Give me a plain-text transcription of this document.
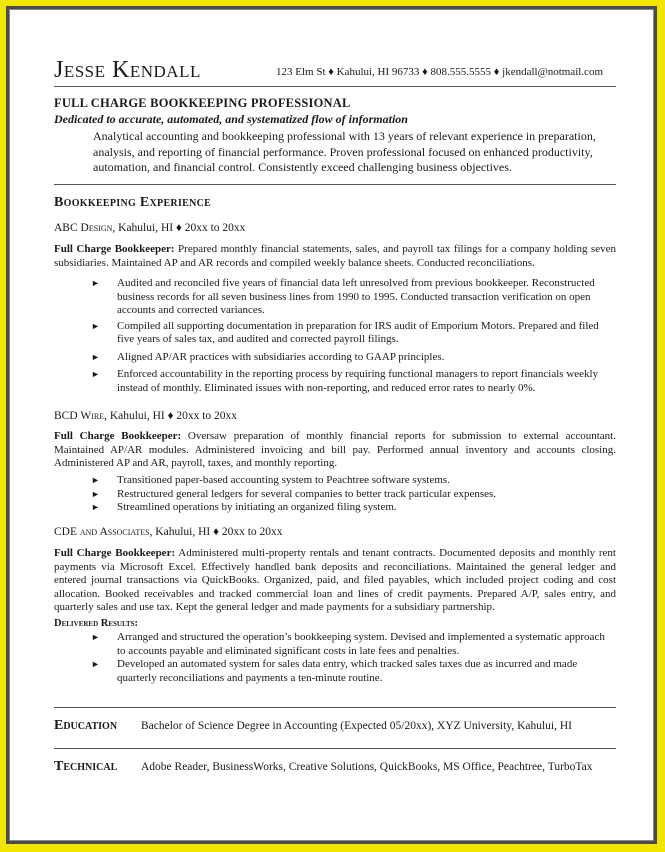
Jesse Kendall	123 Elm St ♦ Kahului, HI 96733 ♦ 808.555.5555 ♦ jkendall@notmail.com
FULL CHARGE BOOKKEEPING PROFESSIONAL
Dedicated to accurate, automated, and systematized flow of information
Analytical accounting and bookkeeping professional with 13 years of relevant experience in preparation, analysis, and reporting of financial performance. Proven professional focused on enhanced productivity, automation, and financial control. Consistently exceed challenging business objectives.
Bookkeeping Experience
ABC Design, Kahului, HI ♦ 20xx to 20xx
Full Charge Bookkeeper: Prepared monthly financial statements, sales, and payroll tax filings for a company holding seven subsidiaries. Maintained AP and AR records and compiled weekly balance sheets. Conducted reconciliations.
► Audited and reconciled five years of financial data left unresolved from previous bookkeeper. Reconstructed business records for all seven business lines from 1990 to 1995. Conducted transaction verification on open accounts and corrected variances.
► Compiled all supporting documentation in preparation for IRS audit of Emporium Motors. Prepared and filed five years of sales tax, and audited and corrected payroll filings.
► Aligned AP/AR practices with subsidiaries according to GAAP principles.
► Enforced accountability in the reporting process by requiring functional managers to report financials weekly instead of monthly. Eliminated issues with non-reporting, and reduced error rates to nearly 0%.
BCD Wire, Kahului, HI ♦ 20xx to 20xx
Full Charge Bookkeeper: Oversaw preparation of monthly financial reports for submission to external accountant. Maintained AP/AR modules. Administered invoicing and bill pay. Performed annual inventory and accounts closing. Administered AP and AR, payroll, taxes, and monthly reporting.
► Transitioned paper-based accounting system to Peachtree software systems.
► Restructured general ledgers for several companies to better track particular expenses.
► Streamlined operations by initiating an organized filing system.
CDE and Associates, Kahului, HI ♦ 20xx to 20xx
Full Charge Bookkeeper: Administered multi-property rentals and tenant contracts. Documented deposits and monthly rent payments via Microsoft Excel. Effectively handled bank deposits and reconciliations. Maintained the general ledger and entered journal transactions via QuickBooks. Organized, paid, and filed payables, which included project coding and cost allocation. Booked receivables and tracked commercial loan and lines of credit payments. Prepared A/P, sales entry, and quarterly sales and use tax. Kept the general ledger and made payments for a subsidiary partnership.
Delivered Results:
► Arranged and structured the operation’s bookkeeping system. Devised and implemented a systematic approach to accounts payable and eliminated significant costs in late fees and penalties.
► Developed an automated system for sales data entry, which tracked sales taxes due as incurred and made quarterly reconciliations and payments a ten-minute routine.
Education Bachelor of Science Degree in Accounting (Expected 05/20xx), XYZ University, Kahului, HI
Technical Adobe Reader, BusinessWorks, Creative Solutions, QuickBooks, MS Office, Peachtree, TurboTax
